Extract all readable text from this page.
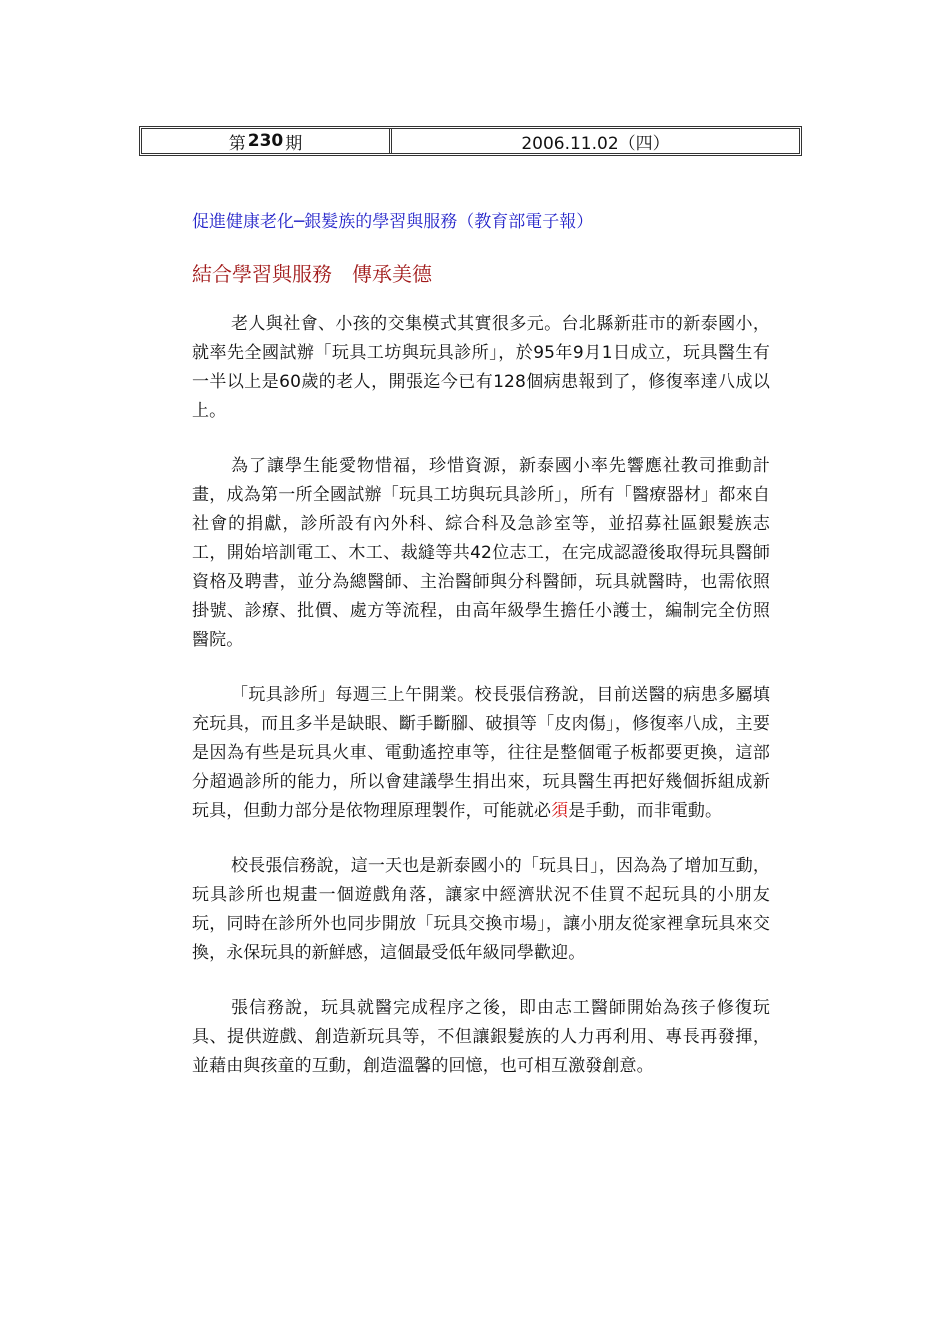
第 230 期	2006.11.02（四）
促進健康老化─銀髮族的學習與服務（教育部電子報）
結合學習與服務 傳承美德

老人與社會、小孩的交集模式其實很多元。台北縣新莊市的新泰國小，就率先全國試辦「玩具工坊與玩具診所」，於95年9月1日成立，玩具醫生有一半以上是60歲的老人，開張迄今已有128個病患報到了，修復率達八成以上。

為了讓學生能愛物惜福，珍惜資源，新泰國小率先響應社教司推動計畫，成為第一所全國試辦「玩具工坊與玩具診所」，所有「醫療器材」都來自社會的捐獻，診所設有內外科、綜合科及急診室等，並招募社區銀髮族志工，開始培訓電工、木工、裁縫等共42位志工，在完成認證後取得玩具醫師資格及聘書，並分為總醫師、主治醫師與分科醫師，玩具就醫時，也需依照掛號、診療、批價、處方等流程，由高年級學生擔任小護士，編制完全仿照醫院。

「玩具診所」每週三上午開業。校長張信務說，目前送醫的病患多屬填充玩具，而且多半是缺眼、斷手斷腳、破損等「皮肉傷」，修復率八成，主要是因為有些是玩具火車、電動遙控車等，往往是整個電子板都要更換，這部分超過診所的能力，所以會建議學生捐出來，玩具醫生再把好幾個拆組成新玩具，但動力部分是依物理原理製作，可能就必須是手動，而非電動。

校長張信務說，這一天也是新泰國小的「玩具日」，因為為了增加互動，玩具診所也規畫一個遊戲角落，讓家中經濟狀況不佳買不起玩具的小朋友玩，同時在診所外也同步開放「玩具交換市場」，讓小朋友從家裡拿玩具來交換，永保玩具的新鮮感，這個最受低年級同學歡迎。

張信務說，玩具就醫完成程序之後，即由志工醫師開始為孩子修復玩具、提供遊戲、創造新玩具等，不但讓銀髮族的人力再利用、專長再發揮，並藉由與孩童的互動，創造溫馨的回憶，也可相互激發創意。
